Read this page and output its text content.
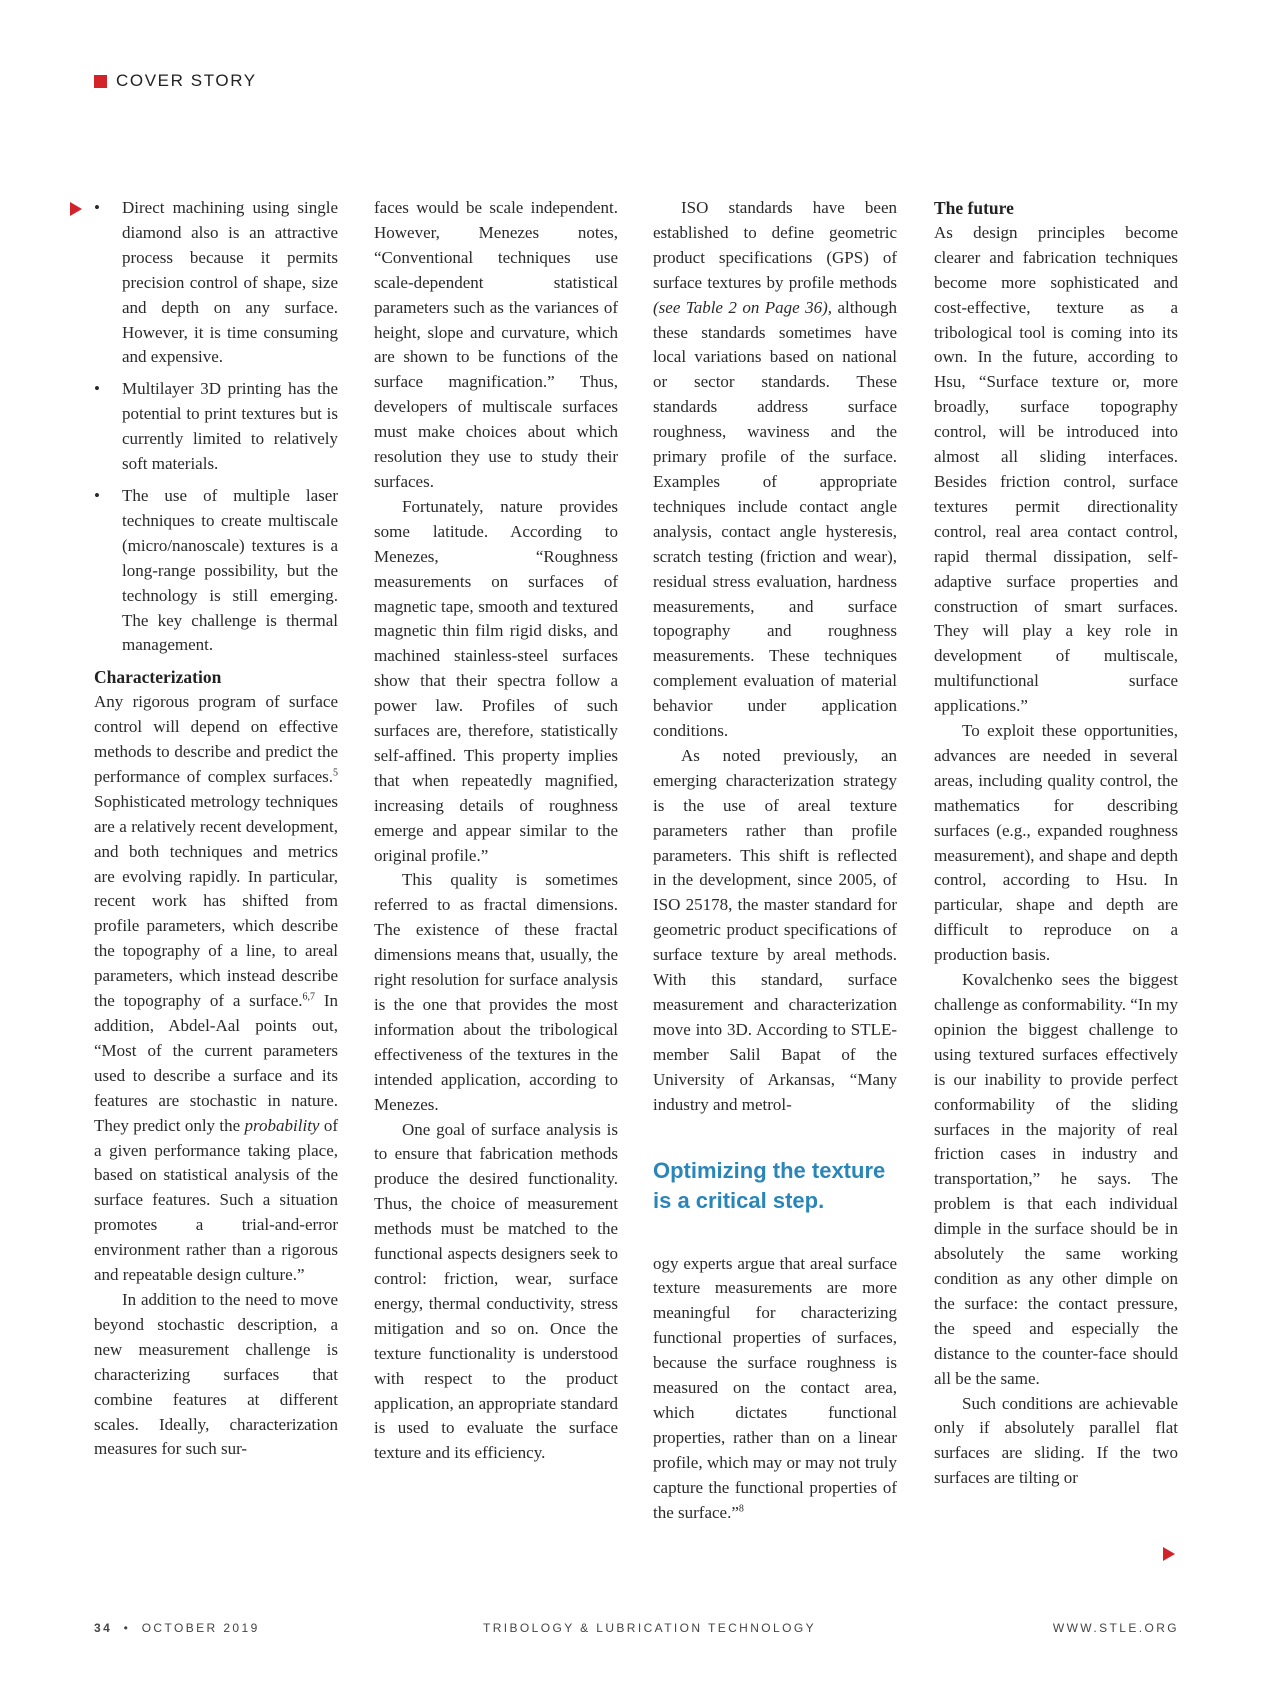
COVER STORY
•	Direct machining using single diamond also is an attractive process because it permits precision control of shape, size and depth on any surface. However, it is time consuming and expensive.
•	Multilayer 3D printing has the potential to print textures but is currently limited to relatively soft materials.
•	The use of multiple laser techniques to create multiscale (micro/nanoscale) textures is a long-range possibility, but the technology is still emerging. The key challenge is thermal management.
Characterization

Any rigorous program of surface control will depend on effective methods to describe and predict the performance of complex surfaces.$^5$ Sophisticated metrology techniques are a relatively recent development, and both techniques and metrics are evolving rapidly. In particular, recent work has shifted from profile parameters, which describe the topography of a line, to areal parameters, which instead describe the topography of a surface.$^{6,7}$ In addition, Abdel-Aal points out, “Most of the current parameters used to describe a surface and its features are stochastic in nature. They predict only the probability of a given performance taking place, based on statistical analysis of the surface features. Such a situation promotes a trial-and-error environment rather than a rigorous and repeatable design culture.”

In addition to the need to move beyond stochastic description, a new measurement challenge is characterizing surfaces that combine features at different scales. Ideally, characterization measures for such sur-

faces would be scale independent. However, Menezes notes, “Conventional techniques use scale-dependent statistical parameters such as the variances of height, slope and curvature, which are shown to be functions of the surface magnification.” Thus, developers of multiscale surfaces must make choices about which resolution they use to study their surfaces.

Fortunately, nature provides some latitude. According to Menezes, “Roughness measurements on surfaces of magnetic tape, smooth and textured magnetic thin film rigid disks, and machined stainless-steel surfaces show that their spectra follow a power law. Profiles of such surfaces are, therefore, statistically self-affined. This property implies that when repeatedly magnified, increasing details of roughness emerge and appear similar to the original profile.”

This quality is sometimes referred to as fractal dimensions. The existence of these fractal dimensions means that, usually, the right resolution for surface analysis is the one that provides the most information about the tribological effectiveness of the textures in the intended application, according to Menezes.

One goal of surface analysis is to ensure that fabrication methods produce the desired functionality. Thus, the choice of measurement methods must be matched to the functional aspects designers seek to control: friction, wear, surface energy, thermal conductivity, stress mitigation and so on. Once the texture functionality is understood with respect to the product application, an appropriate standard is used to evaluate the surface texture and its efficiency.

ISO standards have been established to define geometric product specifications (GPS) of surface textures by profile methods (see Table 2 on Page 36), although these standards sometimes have local variations based on national or sector standards. These standards address surface roughness, waviness and the primary profile of the surface. Examples of appropriate techniques include contact angle analysis, contact angle hysteresis, scratch testing (friction and wear), residual stress evaluation, hardness measurements, and surface topography and roughness measurements. These techniques complement evaluation of material behavior under application conditions.

As noted previously, an emerging characterization strategy is the use of areal texture parameters rather than profile parameters. This shift is reflected in the development, since 2005, of ISO 25178, the master standard for geometric product specifications of surface texture by areal methods. With this standard, surface measurement and characterization move into 3D. According to STLE-member Salil Bapat of the University of Arkansas, “Many industry and metrol-

Optimizing the texture is a critical step.

ogy experts argue that areal surface texture measurements are more meaningful for characterizing functional properties of surfaces, because the surface roughness is measured on the contact area, which dictates functional properties, rather than on a linear profile, which may or may not truly capture the functional properties of the surface.”$^8$

The future

As design principles become clearer and fabrication techniques become more sophisticated and cost-effective, texture as a tribological tool is coming into its own. In the future, according to Hsu, “Surface texture or, more broadly, surface topography control, will be introduced into almost all sliding interfaces. Besides friction control, surface textures permit directionality control, real area contact control, rapid thermal dissipation, self-adaptive surface properties and construction of smart surfaces. They will play a key role in development of multiscale, multifunctional surface applications.”

To exploit these opportunities, advances are needed in several areas, including quality control, the mathematics for describing surfaces (e.g., expanded roughness measurement), and shape and depth control, according to Hsu. In particular, shape and depth are difficult to reproduce on a production basis.

Kovalchenko sees the biggest challenge as conformability. “In my opinion the biggest challenge to using textured surfaces effectively is our inability to provide perfect conformability of the sliding surfaces in the majority of real friction cases in industry and transportation,” he says. The problem is that each individual dimple in the surface should be in absolutely the same working condition as any other dimple on the surface: the contact pressure, the speed and especially the distance to the counter-face should all be the same.

Such conditions are achievable only if absolutely parallel flat surfaces are sliding. If the two surfaces are tilting or

34 • OCTOBER 2019	TRIBOLOGY & LUBRICATION TECHNOLOGY	WWW.STLE.ORG
